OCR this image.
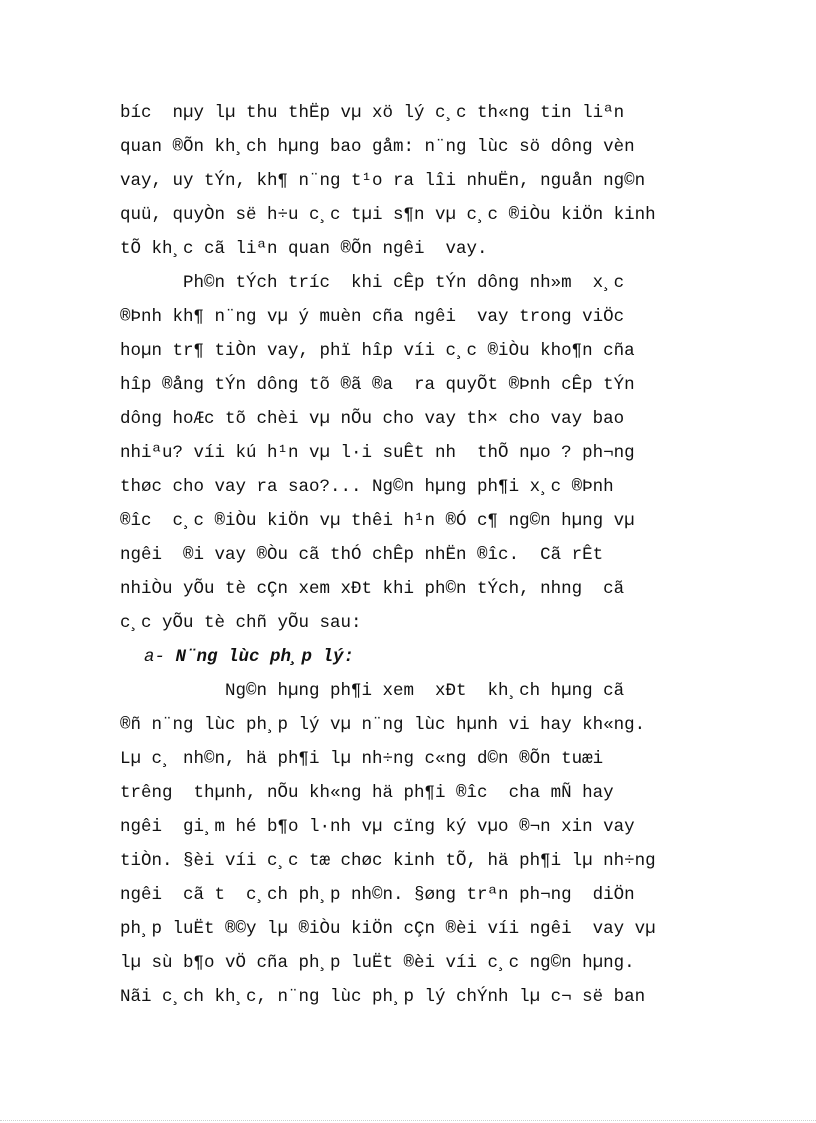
bíc  nµy lµ thu thËp vµ xö lý c¸c th«ng tin liªn
quan ®Õn kh¸ch hµng bao gåm: n¨ng lùc sö dông vèn
vay, uy tÝn, kh¶ n¨ng t¹o ra lîi nhuËn, nguån ng©n
quü, quyÒn së h÷u c¸c tµi s¶n vµ c¸c ®iÒu kiÖn kinh
tÕ kh¸c cã liªn quan ®Õn ngêi  vay.
Ph©n tÝch tríc  khi cÊp tÝn dông nh»m  x¸c
®Þnh kh¶ n¨ng vµ ý muèn cña ngêi  vay trong viÖc
hoµn tr¶ tiÒn vay, phï hîp víi c¸c ®iÒu kho¶n cña
hîp ®ång tÝn dông tõ ®ã ®a  ra quyÕt ®Þnh cÊp tÝn
dông hoÆc tõ chèi vµ nÕu cho vay th× cho vay bao
nhiªu? víi kú h¹n vµ l·i suÊt nh  thÕ nµo ? ph¬ng
thøc cho vay ra sao?... Ng©n hµng ph¶i x¸c ®Þnh
®îc  c¸c ®iÒu kiÖn vµ thêi h¹n ®Ó c¶ ng©n hµng vµ
ngêi  ®i vay ®Òu cã thÓ chÊp nhËn ®îc.  Cã rÊt
nhiÒu yÕu tè cÇn xem xÐt khi ph©n tÝch, nhng  cã
c¸c yÕu tè chñ yÕu sau:
a- N¨ng lùc ph¸p lý:
Ng©n hµng ph¶i xem  xÐt  kh¸ch hµng cã
®ñ n¨ng lùc ph¸p lý vµ n¨ng lùc hµnh vi hay kh«ng.
Lµ c¸ nh©n, hä ph¶i lµ nh÷ng c«ng d©n ®Õn tuæi
trêng  thµnh, nÕu kh«ng hä ph¶i ®îc  cha mÑ hay
ngêi  gi¸m hé b¶o l·nh vµ cïng ký vµo ®¬n xin vay
tiÒn. §èi víi c¸c tæ chøc kinh tÕ, hä ph¶i lµ nh÷ng
ngêi  cã t  c¸ch ph¸p nh©n. §øng trªn ph¬ng  diÖn
ph¸p luËt ®©y lµ ®iÒu kiÖn cÇn ®èi víi ngêi  vay vµ
lµ sù b¶o vÖ cña ph¸p luËt ®èi víi c¸c ng©n hµng.
Nãi c¸ch kh¸c, n¨ng lùc ph¸p lý chÝnh lµ c¬ së ban
